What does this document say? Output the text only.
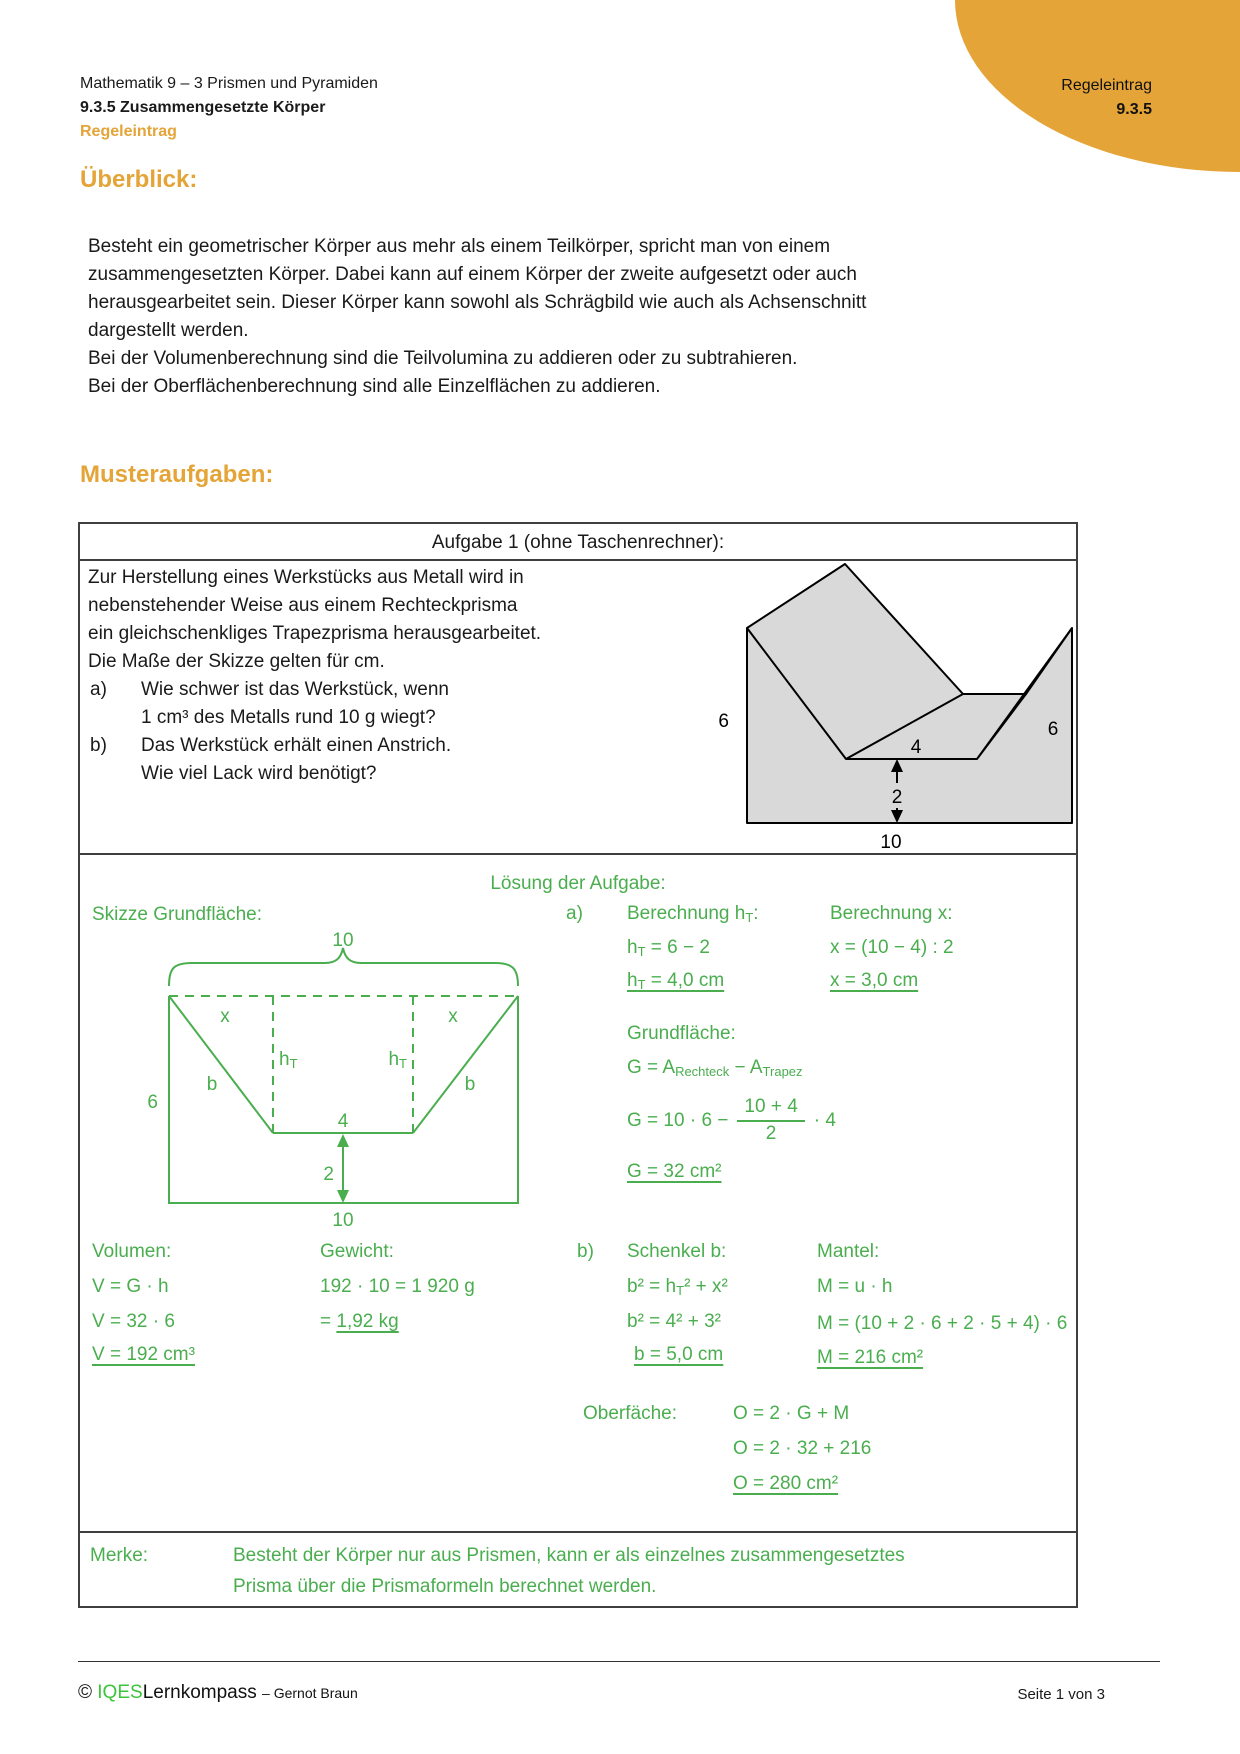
Regeleintrag
9.3.5
Mathematik 9 – 3 Prismen und Pyramiden
9.3.5 Zusammengesetzte Körper
Regeleintrag
Überblick:
Besteht ein geometrischer Körper aus mehr als einem Teilkörper, spricht man von einem
zusammengesetzten Körper. Dabei kann auf einem Körper der zweite aufgesetzt oder auch
herausgearbeitet sein. Dieser Körper kann sowohl als Schrägbild wie auch als Achsenschnitt
dargestellt werden.
Bei der Volumenberechnung sind die Teilvolumina zu addieren oder zu subtrahieren.
Bei der Oberflächenberechnung sind alle Einzelflächen zu addieren.
Musteraufgaben:
Aufgabe 1 (ohne Taschenrechner):
Zur Herstellung eines Werkstücks aus Metall wird in
nebenstehender Weise aus einem Rechteckprisma
ein gleichschenkliges Trapezprisma herausgearbeitet.
Die Maße der Skizze gelten für cm.
a) Wie schwer ist das Werkstück, wenn
1 cm³ des Metalls rund 10 g wiegt?
b) Das Werkstück erhält einen Anstrich.
Wie viel Lack wird benötigt?
6
4
2
10
6
10
x	x
hT	hT
b	b
6
4
2
10
Lösung der Aufgabe:
Skizze Grundfläche:	a) Berechnung hT:	Berechnung x:
hT = 6 − 2	x = (10 − 4) : 2
hT = 4,0 cm	x = 3,0 cm
Grundfläche:
G = ARechteck − ATrapez
$G = 10 \cdot 6 - \frac{10 + 4}{2} \cdot 4$
G = 32 cm²
Volumen:
V = G · h
V = 32 · 6
V = 192 cm³
Gewicht:
192 · 10 = 1 920 g
= 1,92 kg
b) Schenkel b:
b² = hT² + x²
b² = 4² + 3²
b = 5,0 cm
Mantel:
M = u · h
M = (10 + 2 · 6 + 2 · 5 + 4) · 6
M = 216 cm²
Oberfäche:	O = 2 · G + M
O = 2 · 32 + 216
O = 280 cm²
Merke:	Besteht der Körper nur aus Prismen, kann er als einzelnes zusammengesetztes
Prisma über die Prismaformeln berechnet werden.
© IQESLernkompass – Gernot Braun	Seite 1 von 3
